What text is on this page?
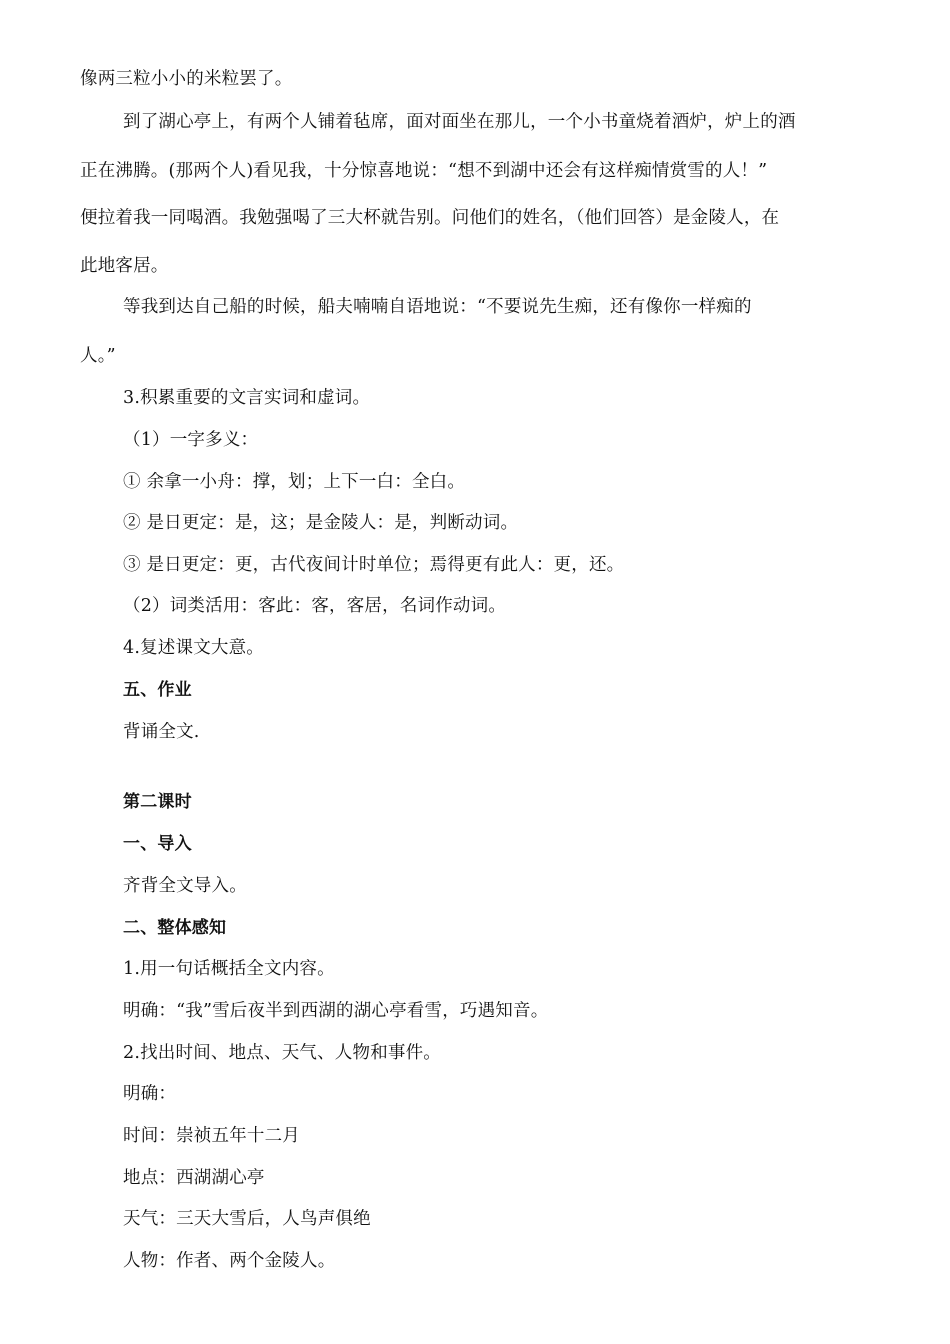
像两三粒小小的米粒罢了。
到了湖心亭上，有两个人铺着毡席，面对面坐在那儿，一个小书童烧着酒炉，炉上的酒
正在沸腾。(那两个人)看见我，十分惊喜地说：“想不到湖中还会有这样痴情赏雪的人！”
便拉着我一同喝酒。我勉强喝了三大杯就告别。问他们的姓名，（他们回答）是金陵人，在
此地客居。
等我到达自己船的时候，船夫喃喃自语地说：“不要说先生痴，还有像你一样痴的
人。”
3.积累重要的文言实词和虚词。
（1）一字多义：
① 余拿一小舟：撑，划；上下一白：全白。
② 是日更定：是，这；是金陵人：是，判断动词。
③ 是日更定：更，古代夜间计时单位；焉得更有此人：更，还。
（2）词类活用：客此：客，客居，名词作动词。
4.复述课文大意。
五、作业
背诵全文.
第二课时
一、导入
齐背全文导入。
二、整体感知
1.用一句话概括全文内容。
明确：“我”雪后夜半到西湖的湖心亭看雪，巧遇知音。
2.找出时间、地点、天气、人物和事件。
明确：
时间：崇祯五年十二月
地点：西湖湖心亭
天气：三天大雪后，人鸟声俱绝
人物：作者、两个金陵人。
